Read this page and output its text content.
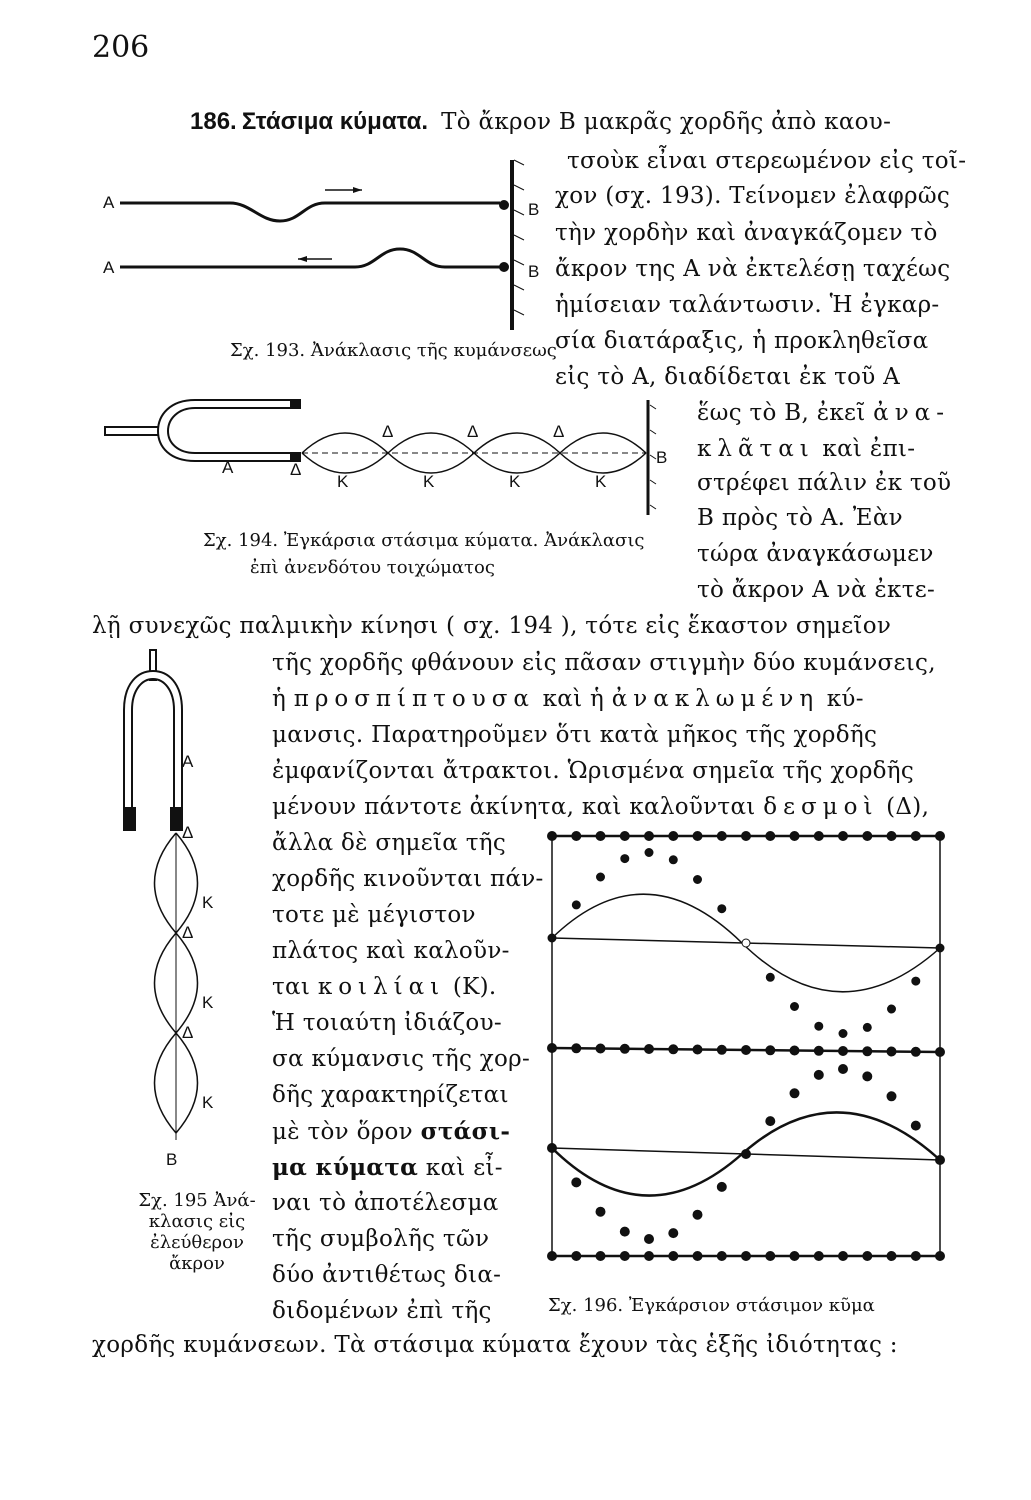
206
186. Στάσιμα κύματα. Τὸ ἄκρον Β μακρᾶς χορδῆς ἀπὸ καου-
τσοὺκ εἶναι στερεωμένον εἰς τοῖ-
χον (σχ. 193). Τείνομεν ἐλαφρῶς
τὴν χορδὴν καὶ ἀναγκάζομεν τὸ
ἄκρον της Α νὰ ἐκτελέσῃ ταχέως
ἡμίσειαν ταλάντωσιν. Ἡ ἐγκαρ-
σία διατάραξις, ἡ προκληθεῖσα
εἰς τὸ Α, διαδίδεται ἐκ τοῦ Α
ἕως τὸ Β, ἐκεῖ ἀνα-
κλᾶται καὶ ἐπι-
στρέφει πάλιν ἐκ τοῦ
Β πρὸς τὸ Α. Ἐὰν
τώρα ἀναγκάσωμεν
τὸ ἄκρον Α νὰ ἐκτε-
λῇ συνεχῶς παλμικὴν κίνησι ( σχ. 194 ), τότε εἰς ἕκαστον σημεῖον
τῆς χορδῆς φθάνουν εἰς πᾶσαν στιγμὴν δύο κυμάνσεις,
ἡ προσπίπτουσα καὶ ἡ ἀνακλωμένη κύ-
μανσις. Παρατηροῦμεν ὅτι κατὰ μῆκος τῆς χορδῆς
ἐμφανίζονται ἄτρακτοι. Ὡρισμένα σημεῖα τῆς χορδῆς
μένουν πάντοτε ἀκίνητα, καὶ καλοῦνται δεσμοὶ (Δ),
ἄλλα δὲ σημεῖα τῆς
χορδῆς κινοῦνται πάν-
τοτε μὲ μέγιστον
πλάτος καὶ καλοῦν-
ται κοιλίαι (Κ).
Ἡ τοιαύτη ἰδιάζου-
σα κύμανσις τῆς χορ-
δῆς χαρακτηρίζεται
μὲ τὸν ὅρον στάσι-
μα κύματα καὶ εἶ-
ναι τὸ ἀποτέλεσμα
τῆς συμβολῆς τῶν
δύο ἀντιθέτως δια-
διδομένων ἐπὶ τῆς
χορδῆς κυμάνσεων. Τὰ στάσιμα κύματα ἔχουν τὰς ἑξῆς ἰδιότητας :
Σχ. 193. Ἀνάκλασις τῆς κυμάνσεως
Σχ. 194. Ἐγκάρσια στάσιμα κύματα. Ἀνάκλασις
ἐπὶ ἀνενδότου τοιχώματος
Σχ. 195 Ἀνά-
κλασις εἰς
ἐλεύθερον
ἄκρον
Σχ. 196. Ἐγκάρσιον στάσιμον κῦμα
Α	Β
Α	Β
Α	Δ
Δ	Δ	Δ
Κ	Κ	Κ	Κ
Β
Α
Δ
Κ
Δ
Κ
Δ
Κ
Β
